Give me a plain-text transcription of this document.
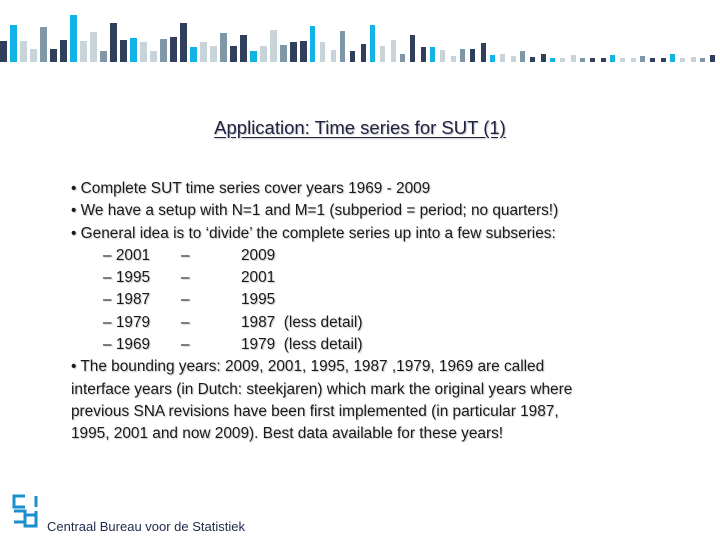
Application: Time series for SUT (1)
• Complete SUT time series cover years 1969 - 2009
• We have a setup with N=1 and M=1 (subperiod = period; no quarters!)
• General idea is to ‘divide’ the complete series up into a few subseries:
– 2001 –	2009
– 1995 –	2001
– 1987 –	1995
– 1979 –	1987  (less detail)
– 1969 –	1979  (less detail)
• The bounding years: 2009, 2001, 1995, 1987 ,1979, 1969 are called
interface years (in Dutch: steekjaren) which mark the original years where
previous SNA revisions have been first implemented (in particular 1987,
1995, 2001 and now 2009). Best data available for these years!
Centraal Bureau voor de Statistiek
